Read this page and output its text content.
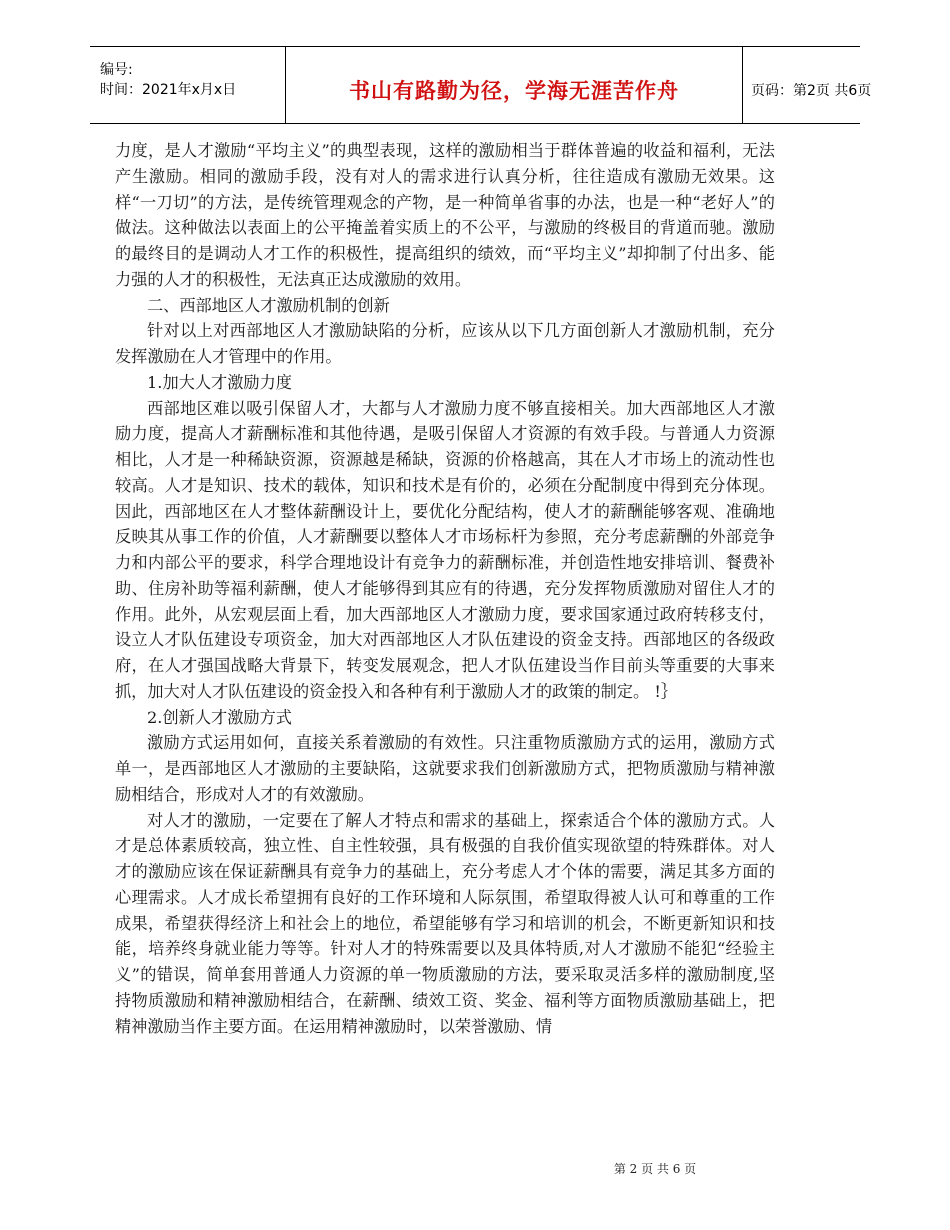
编号:
时间：2021年x月x日	书山有路勤为径，学海无涯苦作舟	页码：第2页 共6页

力度，是人才激励“平均主义”的典型表现，这样的激励相当于群体普遍的收益和福利，无法产生激励。相同的激励手段，没有对人的需求进行认真分析，往往造成有激励无效果。这样“一刀切”的方法，是传统管理观念的产物，是一种简单省事的办法，也是一种“老好人”的做法。这种做法以表面上的公平掩盖着实质上的不公平，与激励的终极目的背道而驰。激励的最终目的是调动人才工作的积极性，提高组织的绩效，而“平均主义”却抑制了付出多、能力强的人才的积极性，无法真正达成激励的效用。

二、西部地区人才激励机制的创新

针对以上对西部地区人才激励缺陷的分析，应该从以下几方面创新人才激励机制，充分发挥激励在人才管理中的作用。

1.加大人才激励力度

西部地区难以吸引保留人才，大都与人才激励力度不够直接相关。加大西部地区人才激励力度，提高人才薪酬标准和其他待遇，是吸引保留人才资源的有效手段。与普通人力资源相比，人才是一种稀缺资源，资源越是稀缺，资源的价格越高，其在人才市场上的流动性也较高。人才是知识、技术的载体，知识和技术是有价的，必须在分配制度中得到充分体现。因此，西部地区在人才整体薪酬设计上，要优化分配结构，使人才的薪酬能够客观、准确地反映其从事工作的价值，人才薪酬要以整体人才市场标杆为参照，充分考虑薪酬的外部竞争力和内部公平的要求，科学合理地设计有竞争力的薪酬标准，并创造性地安排培训、餐费补助、住房补助等福利薪酬，使人才能够得到其应有的待遇，充分发挥物质激励对留住人才的作用。此外，从宏观层面上看，加大西部地区人才激励力度，要求国家通过政府转移支付，设立人才队伍建设专项资金，加大对西部地区人才队伍建设的资金支持。西部地区的各级政府，在人才强国战略大背景下，转变发展观念，把人才队伍建设当作目前头等重要的大事来抓，加大对人才队伍建设的资金投入和各种有利于激励人才的政策的制定。 !｝

2.创新人才激励方式

激励方式运用如何，直接关系着激励的有效性。只注重物质激励方式的运用，激励方式单一，是西部地区人才激励的主要缺陷，这就要求我们创新激励方式，把物质激励与精神激励相结合，形成对人才的有效激励。

对人才的激励，一定要在了解人才特点和需求的基础上，探索适合个体的激励方式。人才是总体素质较高，独立性、自主性较强，具有极强的自我价值实现欲望的特殊群体。对人才的激励应该在保证薪酬具有竞争力的基础上，充分考虑人才个体的需要，满足其多方面的心理需求。人才成长希望拥有良好的工作环境和人际氛围，希望取得被人认可和尊重的工作成果，希望获得经济上和社会上的地位，希望能够有学习和培训的机会，不断更新知识和技能，培养终身就业能力等等。针对人才的特殊需要以及具体特质,对人才激励不能犯“经验主义”的错误，简单套用普通人力资源的单一物质激励的方法，要采取灵活多样的激励制度,坚持物质激励和精神激励相结合，在薪酬、绩效工资、奖金、福利等方面物质激励基础上，把精神激励当作主要方面。在运用精神激励时，以荣誉激励、情

第 2 页 共 6 页
